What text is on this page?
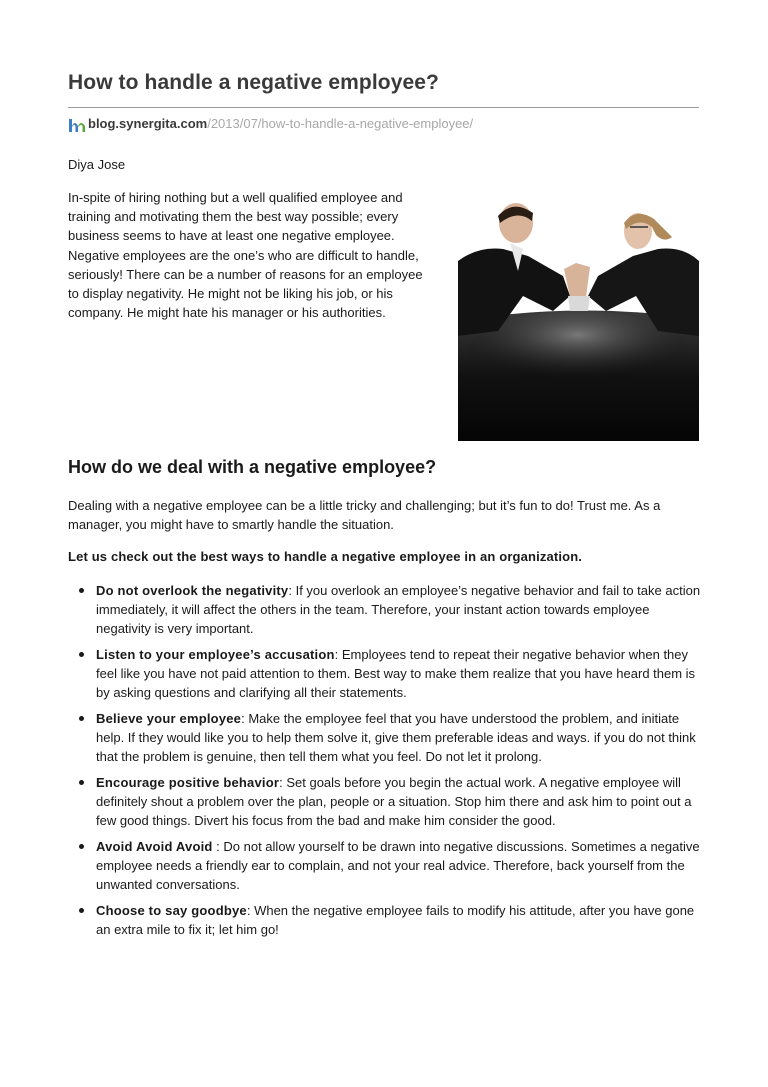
How to handle a negative employee?
blog.synergita.com/2013/07/how-to-handle-a-negative-employee/

Diya Jose

In-spite of hiring nothing but a well qualified employee and training and motivating them the best way possible; every business seems to have at least one negative employee. Negative employees are the one’s who are difficult to handle, seriously! There can be a number of reasons for an employee to display negativity. He might not be liking his job, or his company. He might hate his manager or his authorities.

How do we deal with a negative employee?

Dealing with a negative employee can be a little tricky and challenging; but it’s fun to do! Trust me. As a manager, you might have to smartly handle the situation.

Let us check out the best ways to handle a negative employee in an organization.

Do not overlook the negativity: If you overlook an employee’s negative behavior and fail to take action immediately, it will affect the others in the team. Therefore, your instant action towards employee negativity is very important.
Listen to your employee’s accusation: Employees tend to repeat their negative behavior when they feel like you have not paid attention to them. Best way to make them realize that you have heard them is by asking questions and clarifying all their statements.
Believe your employee: Make the employee feel that you have understood the problem, and initiate help. If they would like you to help them solve it, give them preferable ideas and ways. if you do not think that the problem is genuine, then tell them what you feel. Do not let it prolong.
Encourage positive behavior: Set goals before you begin the actual work. A negative employee will definitely shout a problem over the plan, people or a situation. Stop him there and ask him to point out a few good things. Divert his focus from the bad and make him consider the good.
Avoid Avoid Avoid : Do not allow yourself to be drawn into negative discussions. Sometimes a negative employee needs a friendly ear to complain, and not your real advice. Therefore, back yourself from the unwanted conversations.
Choose to say goodbye: When the negative employee fails to modify his attitude, after you have gone an extra mile to fix it; let him go!
